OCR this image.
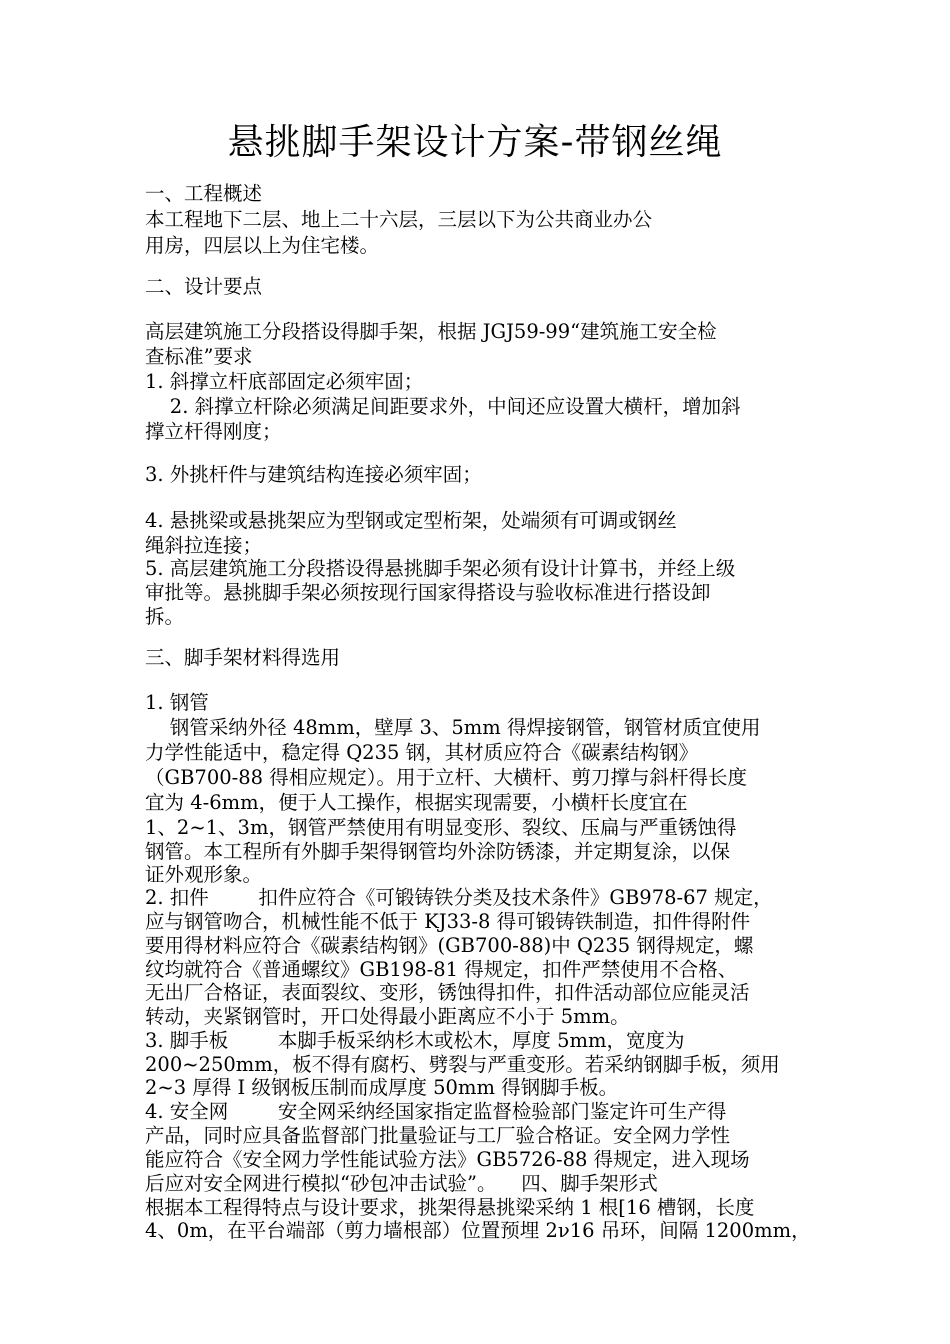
悬挑脚手架设计方案-带钢丝绳
一、工程概述
本工程地下二层、地上二十六层，三层以下为公共商业办公
用房，四层以上为住宅楼。
二、设计要点
高层建筑施工分段搭设得脚手架，根据 JGJ59-99“建筑施工安全检
查标准”要求
1. 斜撑立杆底部固定必须牢固；
2. 斜撑立杆除必须满足间距要求外，中间还应设置大横杆，增加斜
撑立杆得刚度；
3. 外挑杆件与建筑结构连接必须牢固；
4. 悬挑梁或悬挑架应为型钢或定型桁架，处端须有可调或钢丝
绳斜拉连接；
5. 高层建筑施工分段搭设得悬挑脚手架必须有设计计算书，并经上级
审批等。悬挑脚手架必须按现行国家得搭设与验收标准进行搭设卸
拆。
三、脚手架材料得选用
1. 钢管
钢管采纳外径 48mm，壁厚 3、5mm 得焊接钢管，钢管材质宜使用
力学性能适中，稳定得 Q235 钢，其材质应符合《碳素结构钢》
（GB700-88 得相应规定）。用于立杆、大横杆、剪刀撑与斜杆得长度
宜为 4-6mm，便于人工操作，根据实现需要，小横杆长度宜在
1、2~1、3m，钢管严禁使用有明显变形、裂纹、压扁与严重锈蚀得
钢管。本工程所有外脚手架得钢管均外涂防锈漆，并定期复涂，以保
证外观形象。
2. 扣件        扣件应符合《可锻铸铁分类及技术条件》GB978-67 规定，
应与钢管吻合，机械性能不低于 KJ33-8 得可锻铸铁制造，扣件得附件
要用得材料应符合《碳素结构钢》(GB700-88)中 Q235 钢得规定，螺
纹均就符合《普通螺纹》GB198-81 得规定，扣件严禁使用不合格、
无出厂合格证，表面裂纹、变形，锈蚀得扣件，扣件活动部位应能灵活
转动，夹紧钢管时，开口处得最小距离应不小于 5mm。
3. 脚手板        本脚手板采纳杉木或松木，厚度 5mm，宽度为
200~250mm，板不得有腐朽、劈裂与严重变形。若采纳钢脚手板，须用
2~3 厚得 I 级钢板压制而成厚度 50mm 得钢脚手板。
4. 安全网        安全网采纳经国家指定监督检验部门鉴定许可生产得
产品，同时应具备监督部门批量验证与工厂验合格证。安全网力学性
能应符合《安全网力学性能试验方法》GB5726-88 得规定，进入现场
后应对安全网进行模拟“砂包冲击试验”。    四、脚手架形式
根据本工程得特点与设计要求，挑架得悬挑梁采纳 1 根[16 槽钢，长度
4、0m，在平台端部（剪力墙根部）位置预埋 2ν16 吊环，间隔 1200mm，
